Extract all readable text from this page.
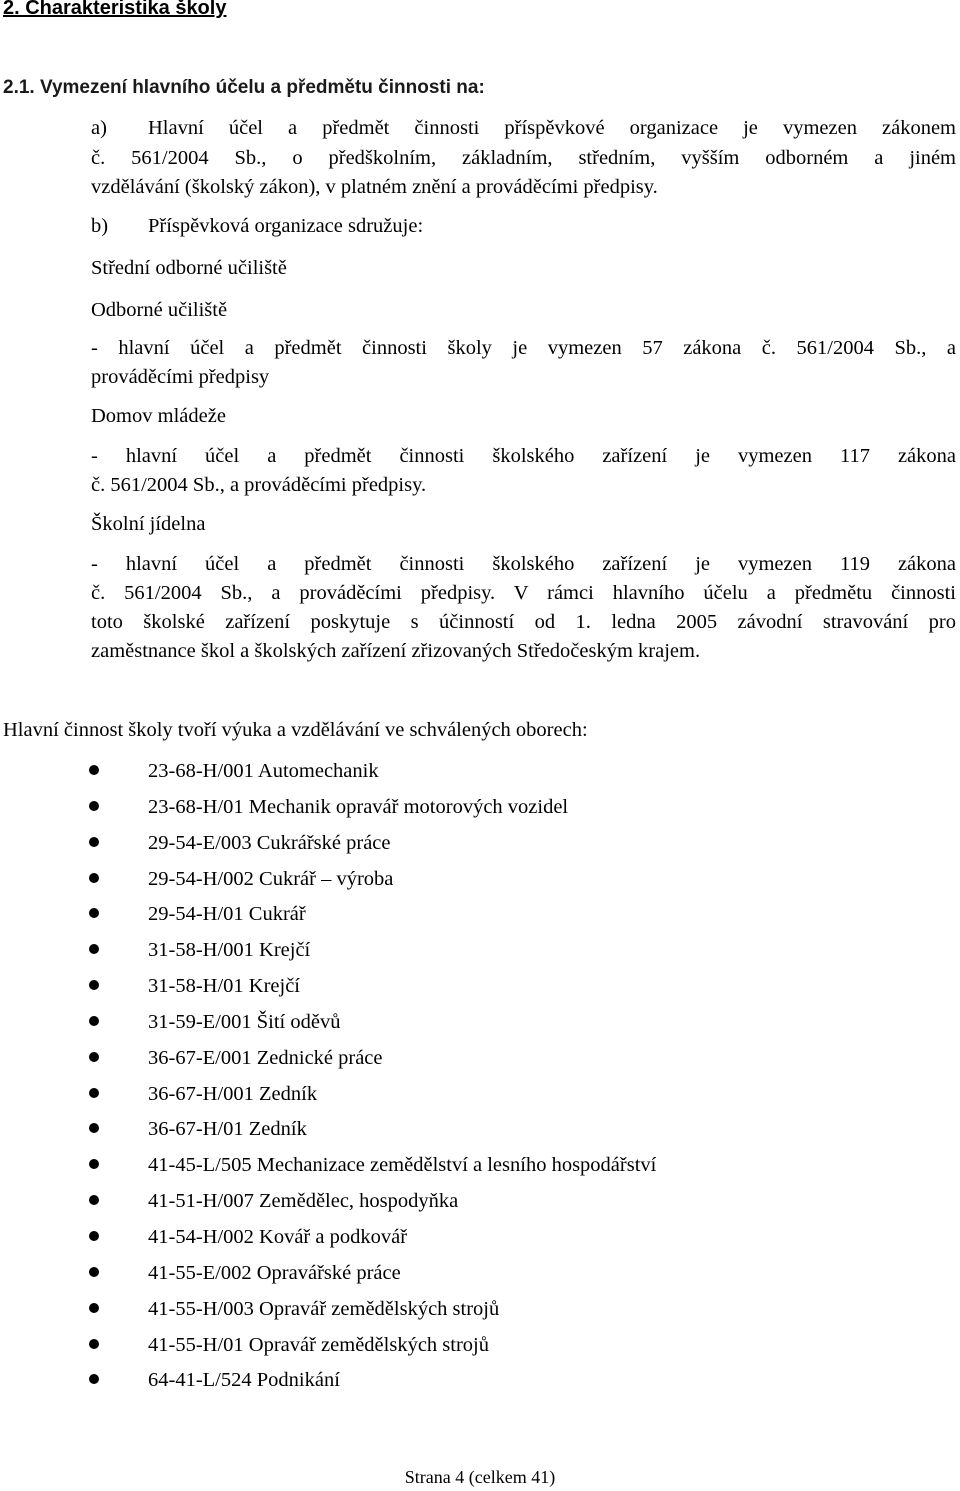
2. Charakteristika školy
2.1. Vymezení hlavního účelu a předmětu činnosti na:
a) Hlavní účel a předmět činnosti příspěvkové organizace je vymezen zákonem
č. 561/2004 Sb., o předškolním, základním, středním, vyšším odborném a jiném
vzdělávání (školský zákon), v platném znění a prováděcími předpisy.
b) Příspěvková organizace sdružuje:
Střední odborné učiliště
Odborné učiliště
- hlavní účel a předmět činnosti školy je vymezen 57 zákona č. 561/2004 Sb., a
prováděcími předpisy
Domov mládeže
- hlavní účel a předmět činnosti školského zařízení je vymezen 117 zákona
č. 561/2004 Sb., a prováděcími předpisy.
Školní jídelna
- hlavní účel a předmět činnosti školského zařízení je vymezen 119 zákona
č. 561/2004 Sb., a prováděcími předpisy. V rámci hlavního účelu a předmětu činnosti
toto školské zařízení poskytuje s účinností od 1. ledna 2005 závodní stravování pro
zaměstnance škol a školských zařízení zřizovaných Středočeským krajem.
Hlavní činnost školy tvoří výuka a vzdělávání ve schválených oborech:
23-68-H/001 Automechanik
23-68-H/01 Mechanik opravář motorových vozidel
29-54-E/003 Cukrářské práce
29-54-H/002 Cukrář – výroba
29-54-H/01 Cukrář
31-58-H/001 Krejčí
31-58-H/01 Krejčí
31-59-E/001 Šití oděvů
36-67-E/001 Zednické práce
36-67-H/001 Zedník
36-67-H/01 Zedník
41-45-L/505 Mechanizace zemědělství a lesního hospodářství
41-51-H/007 Zemědělec, hospodyňka
41-54-H/002 Kovář a podkovář
41-55-E/002 Opravářské práce
41-55-H/003 Opravář zemědělských strojů
41-55-H/01 Opravář zemědělských strojů
64-41-L/524 Podnikání
Strana 4 (celkem 41)
